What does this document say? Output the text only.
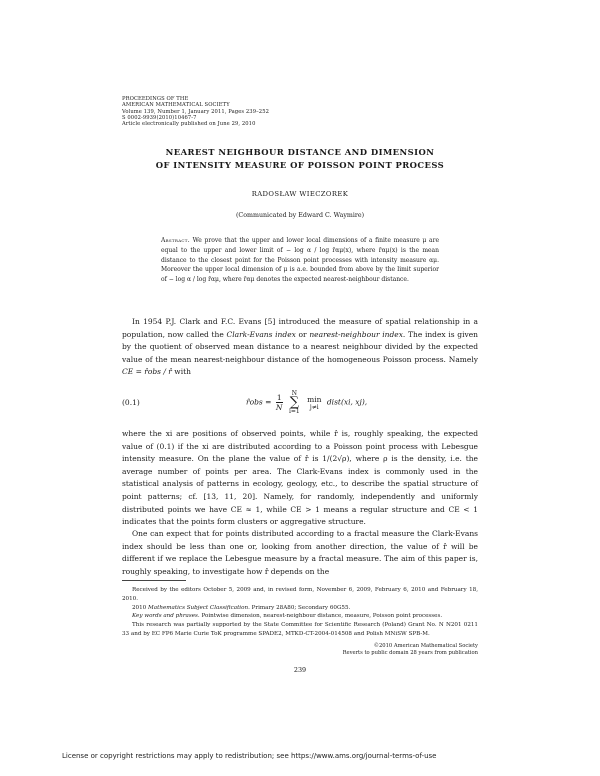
PROCEEDINGS OF THE
AMERICAN MATHEMATICAL SOCIETY
Volume 139, Number 1, January 2011, Pages 239–252
S 0002-9939(2010)10467-7
Article electronically published on June 29, 2010
NEAREST NEIGHBOUR DISTANCE AND DIMENSION
OF INTENSITY MEASURE OF POISSON POINT PROCESS
RADOSŁAW WIECZOREK
(Communicated by Edward C. Waymire)
Abstract. We prove that the upper and lower local dimensions of a finite measure μ are equal to the upper and lower limit of − log α / log r̄αμ(x), where r̄αμ(x) is the mean distance to the closest point for the Poisson point processes with intensity measure αμ. Moreover the upper local dimension of μ is a.e. bounded from above by the limit superior of − log α / log r̄αμ, where r̄αμ denotes the expected nearest-neighbour distance.
In 1954 P.J. Clark and F.C. Evans [5] introduced the measure of spatial relationship in a population, now called the Clark-Evans index or nearest-neighbour index. The index is given by the quotient of observed mean distance to a nearest neighbour divided by the expected value of the mean nearest-neighbour distance of the homogeneous Poisson process. Namely CE = r̂obs / r̂ with
(0.1)	r̂obs = $\frac{1}{N}$ N
∑
i=1
min
j≠i dist(xi, xj),
where the xi are positions of observed points, while r̂ is, roughly speaking, the expected value of (0.1) if the xi are distributed according to a Poisson point process with Lebesgue intensity measure. On the plane the value of r̂ is 1/(2√ρ), where ρ is the density, i.e. the average number of points per area. The Clark-Evans index is commonly used in the statistical analysis of patterns in ecology, geology, etc., to describe the spatial structure of point patterns; cf. [13, 11, 20]. Namely, for randomly, independently and uniformly distributed points we have CE ≈ 1, while CE > 1 means a regular structure and CE < 1 indicates that the points form clusters or aggregative structure.
One can expect that for points distributed according to a fractal measure the Clark-Evans index should be less than one or, looking from another direction, the value of r̂ will be different if we replace the Lebesgue measure by a fractal measure. The aim of this paper is, roughly speaking, to investigate how r̂ depends on the

Received by the editors October 5, 2009 and, in revised form, November 6, 2009, February 6, 2010 and February 18, 2010.

2010 Mathematics Subject Classification. Primary 28A80; Secondary 60G55.

Key words and phrases. Pointwise dimension, nearest-neighbour distance, measure, Poisson point processes.

This research was partially supported by the State Committee for Scientific Research (Poland) Grant No. N N201 0211 33 and by EC FP6 Marie Curie ToK programme SPADE2, MTKD-CT-2004-014508 and Polish MNiSW SPB-M.

©2010 American Mathematical Society
Reverts to public domain 28 years from publication
239
License or copyright restrictions may apply to redistribution; see https://www.ams.org/journal-terms-of-use
